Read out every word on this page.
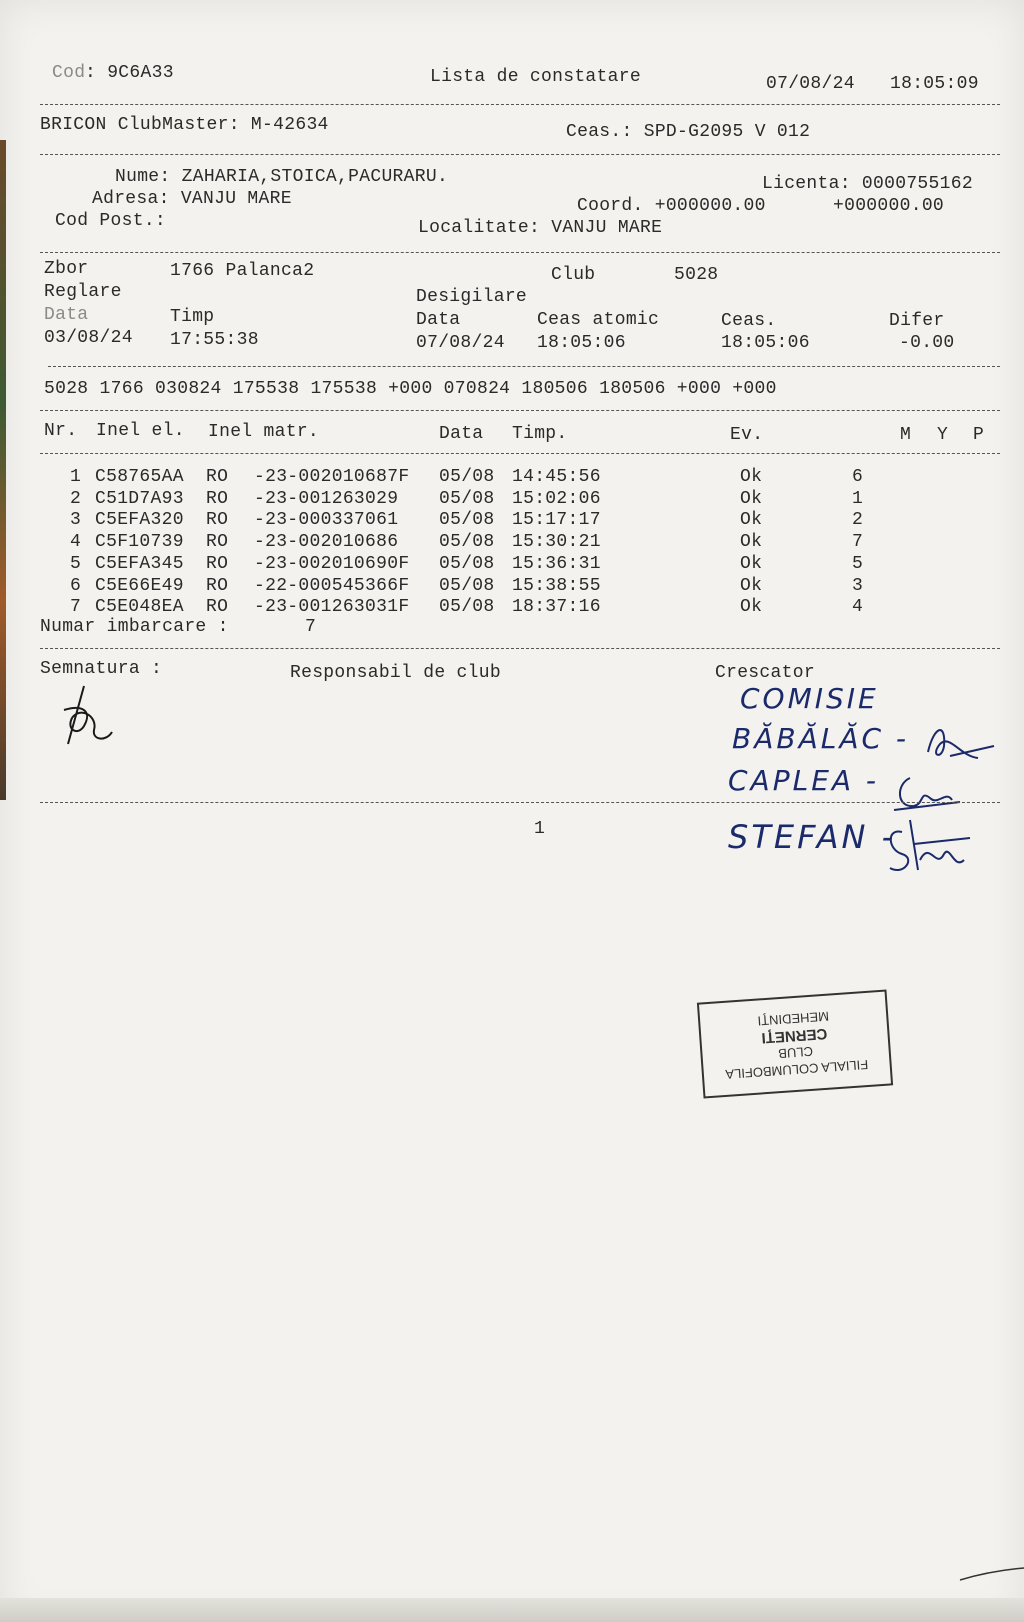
Cod : 9C6A33	Lista de constatare	07/08/24 18:05:09
BRICON ClubMaster: M-42634	Ceas.: SPD-G2095 V 012
Nume: ZAHARIA,STOICA,PACURARU.	Licenta: 0000755162
Adresa: VANJU MARE	Coord. +000000.00	+000000.00
Cod Post.:	Localitate: VANJU MARE
Zbor	1766 Palanca2	Club	5028
Reglare	Desigilare
Data	Timp	Data	Ceas atomic	Ceas.	Difer
03/08/24 17:55:38	07/08/24 18:05:06	18:05:06	-0.00
5028 1766 030824 175538 175538 +000 070824 180506 180506 +000 +000
Nr. Inel el. Inel matr.	Data Timp.	Ev.	M Y P
1 C58765AA RO -23-002010687F 05/08 14:45:56	Ok	6
2 C51D7A93 RO -23-001263029 05/08 15:02:06	Ok	1
3 C5EFA320 RO -23-000337061 05/08 15:17:17	Ok	2
4 C5F10739 RO -23-002010686 05/08 15:30:21	Ok	7
5 C5EFA345 RO -23-002010690F 05/08 15:36:31	Ok	5
6 C5E66E49 RO -22-000545366F 05/08 15:38:55	Ok	3
7 C5E048EA RO -23-001263031F 05/08 18:37:16	Ok	4
Numar imbarcare :	7
Semnatura :	Responsabil de club	Crescator
COMISIE
BĂBĂLĂC -
CAPLEA -
STEFAN -
1
FILIALA COLUMBOFILA
CLUB
CERNEŢI
MEHEDINŢI
